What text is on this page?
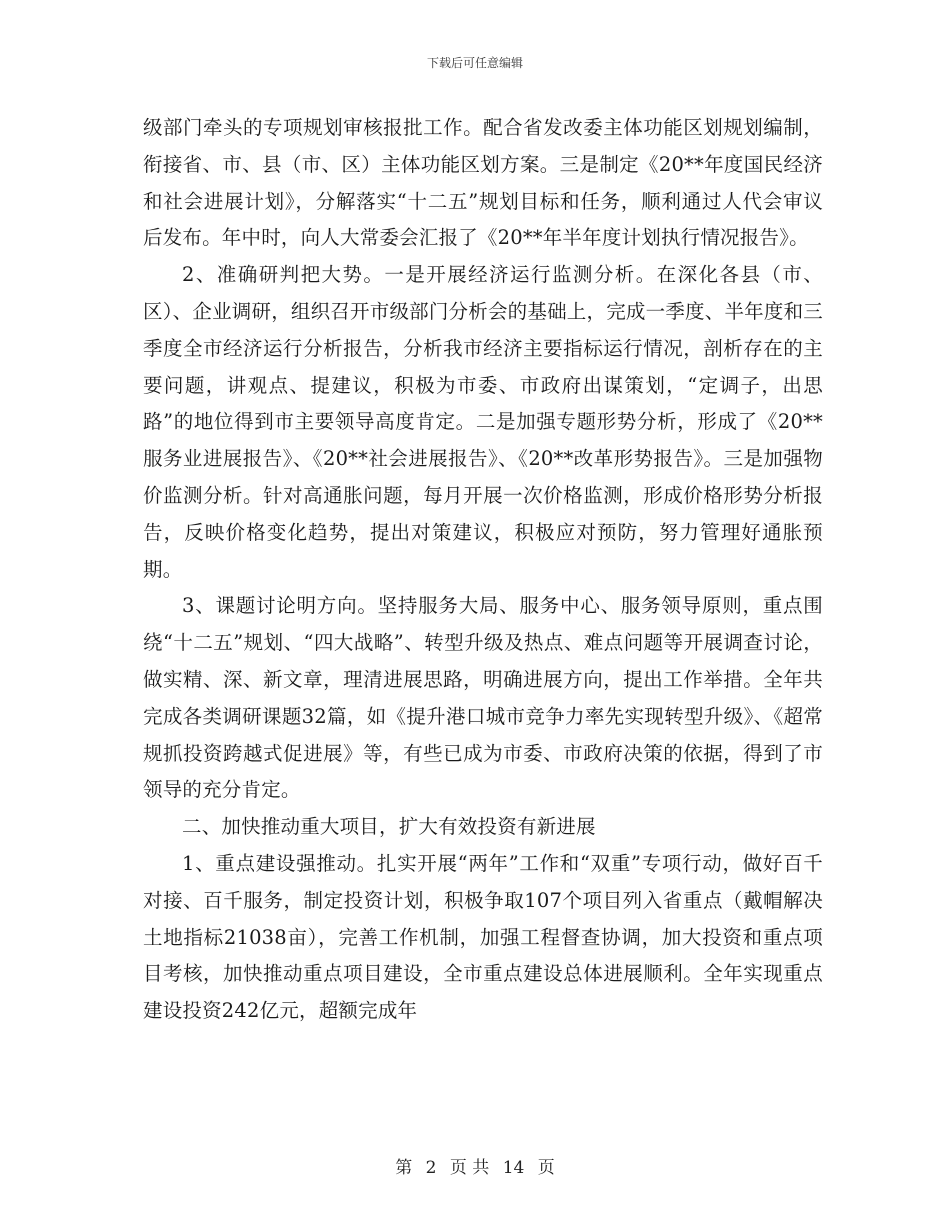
下载后可任意编辑

级部门牵头的专项规划审核报批工作。配合省发改委主体功能区划规划编制，衔接省、市、县（市、区）主体功能区划方案。三是制定《20**年度国民经济和社会进展计划》，分解落实“十二五”规划目标和任务，顺利通过人代会审议后发布。年中时，向人大常委会汇报了《20**年半年度计划执行情况报告》。

2、准确研判把大势。一是开展经济运行监测分析。在深化各县（市、区）、企业调研，组织召开市级部门分析会的基础上，完成一季度、半年度和三季度全市经济运行分析报告，分析我市经济主要指标运行情况，剖析存在的主要问题，讲观点、提建议，积极为市委、市政府出谋策划，“定调子，出思路”的地位得到市主要领导高度肯定。二是加强专题形势分析，形成了《20**服务业进展报告》、《20**社会进展报告》、《20**改革形势报告》。三是加强物价监测分析。针对高通胀问题，每月开展一次价格监测，形成价格形势分析报告，反映价格变化趋势，提出对策建议，积极应对预防，努力管理好通胀预期。

3、课题讨论明方向。坚持服务大局、服务中心、服务领导原则，重点围绕“十二五”规划、“四大战略”、转型升级及热点、难点问题等开展调查讨论，做实精、深、新文章，理清进展思路，明确进展方向，提出工作举措。全年共完成各类调研课题32篇，如《提升港口城市竞争力率先实现转型升级》、《超常规抓投资跨越式促进展》等，有些已成为市委、市政府决策的依据，得到了市领导的充分肯定。

二、加快推动重大项目，扩大有效投资有新进展

1、重点建设强推动。扎实开展“两年”工作和“双重”专项行动，做好百千对接、百千服务，制定投资计划，积极争取107个项目列入省重点（戴帽解决土地指标21038亩），完善工作机制，加强工程督查协调，加大投资和重点项目考核，加快推动重点项目建设，全市重点建设总体进展顺利。全年实现重点建设投资242亿元，超额完成年

第 2 页 共 14 页
